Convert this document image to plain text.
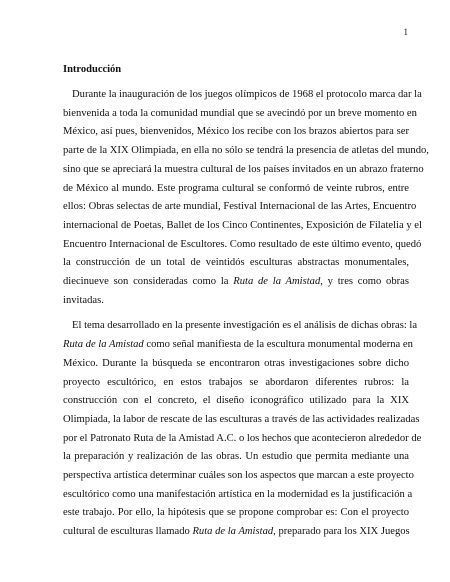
1
Introducción

Durante la inauguración de los juegos olímpicos de 1968 el protocolo marca dar la
bienvenida a toda la comunidad mundial que se avecindó por un breve momento en
México, así pues, bienvenidos, México los recibe con los brazos abiertos para ser
parte de la XIX Olimpiada, en ella no sólo se tendrá la presencia de atletas del mundo,
sino que se apreciará la muestra cultural de los países invitados en un abrazo fraterno
de México al mundo. Este programa cultural se conformó de veinte rubros, entre
ellos: Obras selectas de arte mundial, Festival Internacional de las Artes, Encuentro
internacional de Poetas, Ballet de los Cinco Continentes, Exposición de Filatelia y el
Encuentro Internacional de Escultores. Como resultado de este último evento, quedó
la construcción de un total de veintidós esculturas abstractas monumentales,
diecinueve son consideradas como la Ruta de la Amistad, y tres como obras
invitadas.

El tema desarrollado en la presente investigación es el análisis de dichas obras: la
Ruta de la Amistad como señal manifiesta de la escultura monumental moderna en
México. Durante la búsqueda se encontraron otras investigaciones sobre dicho
proyecto escultórico, en estos trabajos se abordaron diferentes rubros: la
construcción con el concreto, el diseño iconográfico utilizado para la XIX
Olimpiada, la labor de rescate de las esculturas a través de las actividades realizadas
por el Patronato Ruta de la Amistad A.C. o los hechos que acontecieron alrededor de
la preparación y realización de las obras. Un estudio que permita mediante una
perspectiva artística determinar cuáles son los aspectos que marcan a este proyecto
escultórico como una manifestación artística en la modernidad es la justificación a
este trabajo. Por ello, la hipótesis que se propone comprobar es: Con el proyecto
cultural de esculturas llamado Ruta de la Amistad, preparado para los XIX Juegos
